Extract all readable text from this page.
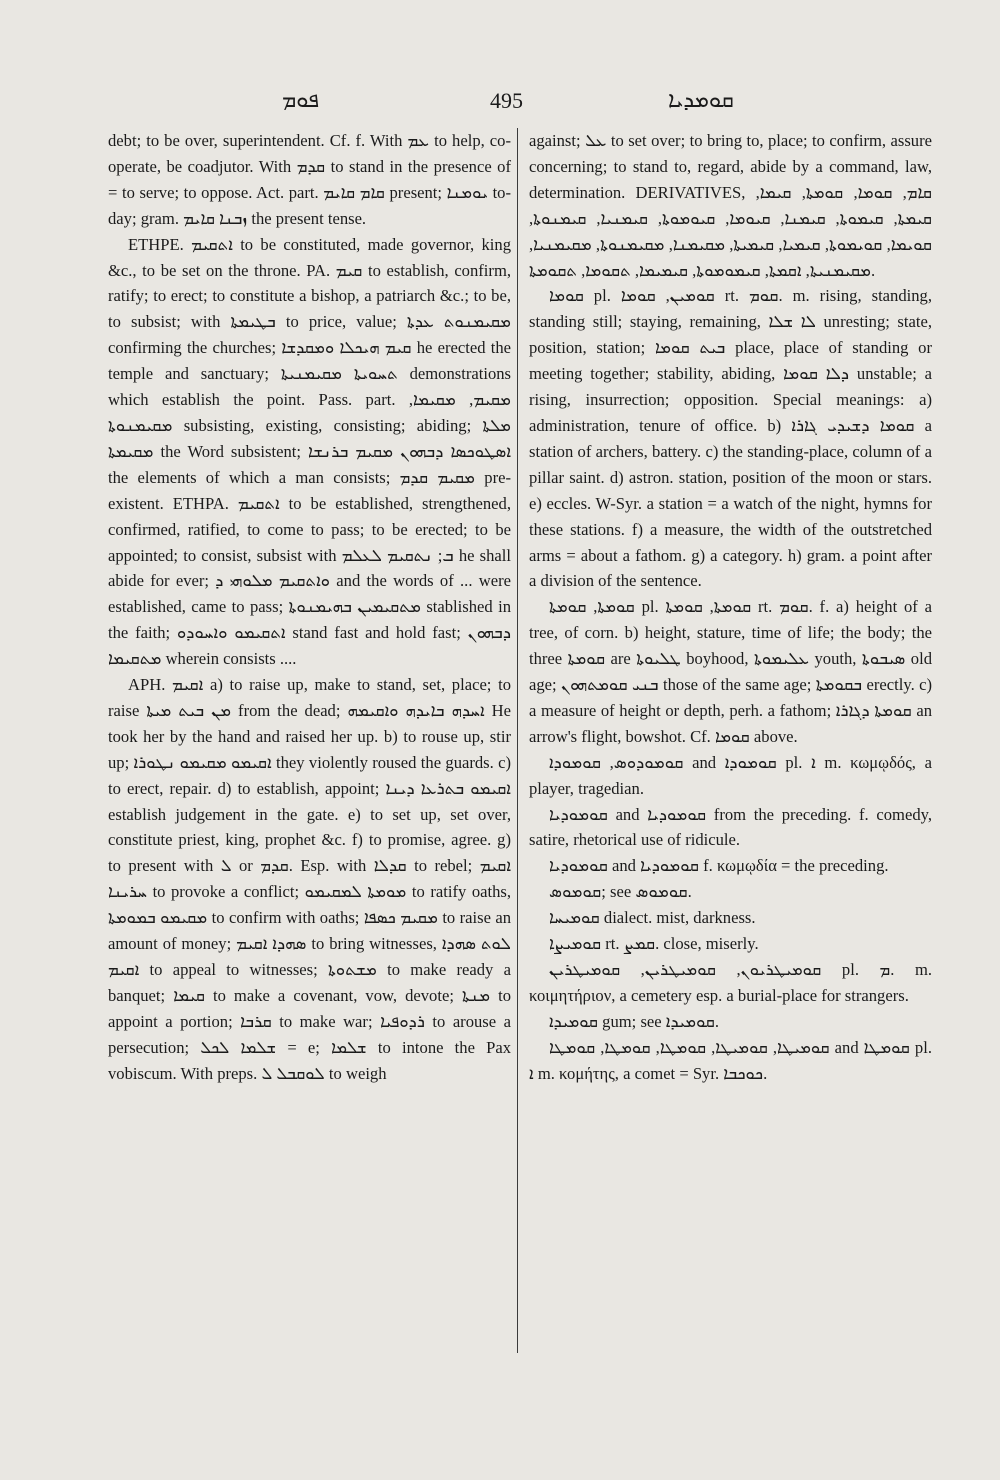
ܦܘܡ	495	ܩܘܡܕܝܐ

debt; to be over, superintendent. Cf. f. With ܥܡ to help, co-operate, be coadjutor. With ܩܕܡ to stand in the presence of = to serve; to oppose. Act. part. ܩܐܡ ܩܐܝܡ present; ܝܘܡܢܐ to-day; gram. ܙܒܢܐ ܩܐܝܡ the present tense.

ETHPE. ܐܬܩܝܡ to be constituted, made governor, king &c., to be set on the throne. PA. ܩܝܡ to establish, confirm, ratify; to erect; to constitute a bishop, a patriarch &c.; to be, to subsist; with ܒܛܝܡܬܐ to price, value; ܡܩܝܡܢܘܬ ܥܕܬܐ confirming the churches; ܩܝܡ ܗܝܟܠܐ ܘܡܩܕܫܐ he erected the temple and sanctuary; ܬܚܘܝܬܐ ܡܩܝܡܢܝܬܐ demonstrations which establish the point. Pass. part. ܡܩܝܡ, ܡܩܝܡܐ, ܡܩܝܡܢܘܬܐ subsisting, existing, consisting; abiding; ܡܠܬܐ ܡܩܝܡܬܐ the Word subsistent; ܐܣܛܘܟܣܐ ܕܒܗܘܢ ܡܩܝܡ ܒܪܢܫܐ the elements of which a man consists; ܡܩܝܡ ܩܕܡ pre-existent. ETHPA. ܐܬܩܝܡ to be established, strengthened, confirmed, ratified, to come to pass; to be erected; to be appointed; to consist, subsist with ܒ; ܢܬܩܝܡ ܠܥܠܡ he shall abide for ever; ܘܐܬܩܝܡ ܡܠܘܗܝ ܕ and the words of ... were established, came to pass; ܡܬܩܝܡܝܢ ܒܗܝܡܢܘܬܐ stablished in the faith; ܐܬܩܝܡܘ ܘܐܚܘܕܘ stand fast and hold fast; ܕܒܗܘܢ ܡܬܩܝܡܐ wherein consists ....

APH. ܐܩܝܡ a) to raise up, make to stand, set, place; to raise ܡܢ ܒܝܬ ܡܝܬܐ from the dead; ܐܚܕܗ ܒܐܝܕܗ ܘܐܩܝܡܗ He took her by the hand and raised her up. b) to rouse up, stir up; ܐܩܝܡܘ ܡܩܝܡܘ ܢܛܘܪܐ they violently roused the guards. c) to erect, repair. d) to establish, appoint; ܐܩܝܡܘ ܒܬܪܥܐ ܕܝܢܐ establish judgement in the gate. e) to set up, set over, constitute priest, king, prophet &c. f) to promise, agree. g) to present with ܠ or ܩܕܡ. Esp. with ܩܕܠܐ to rebel; ܐܩܝܡ ܚܪܝܢܐ to provoke a conflict; ܡܘܡܬܐ ܠܡܩܝܡܘ to ratify oaths, ܡܩܝܡܘ ܒܡܘܡܬܐ to confirm with oaths; ܡܩܝܡ ܟܣܦܐ to raise an amount of money; ܣܗܕܐ ܐܩܝܡ to bring witnesses, ܠܘܬ ܣܗܕܐ ܐܩܝܡ to appeal to witnesses; ܡܫܬܘܬܐ to make ready a banquet; ܩܝܡܐ to make a covenant, vow, devote; ܡܢܬܐ to appoint a portion; ܩܪܒܐ to make war; ܪܕܘܦܝܐ to arouse a persecution; ܫܠܡܐ ܠܟܠ = e; ܫܠܡܐ to intone the Pax vobiscum. With preps. ܠܘܩܒܠ ܠ to weigh

against; ܥܠ to set over; to bring to, place; to confirm, assure concerning; to stand to, regard, abide by a command, law, determination. DERIVATIVES, ܩܐܡ, ܩܘܡܐ, ܩܘܡܬܐ, ܩܝܡܐ, ܩܝܡܬܐ, ܩܝܡܘܬܐ, ܩܝܡܢܐ, ܩܝܘܡܐ, ܩܝܘܡܘܬܐ, ܩܝܡܢܝܐ, ܩܝܡܢܘܬܐ, ܩܘܝܡܐ, ܩܘܝܡܘܬܐ, ܩܝܡܝܐ, ܩܝܡܝܬܐ, ܡܩܝܡܢܐ, ܡܩܝܡܢܘܬܐ, ܡܩܝܡܢܝܐ, ܡܩܝܡܢܝܬܐ, ܐܩܡܬܐ, ܩܝܡܘܡܘܬܐ, ܩܝܡܝܡܐ, ܬܩܘܡܐ, ܬܩܘܡܬܐ.

ܩܘܡܐ pl. ܩܘܡܝܢ, ܩܘܡܐ rt. ܩܘܡ. m. rising, standing, standing still; staying, remaining, ܠܐ ܫܠܐ unresting; state, position, station; ܒܝܬ ܩܘܡܐ place, place of standing or meeting together; stability, abiding, ܕܠܐ ܩܘܡܐ unstable; a rising, insurrection; opposition. Special meanings: a) administration, tenure of office. b) ܩܘܡܐ ܕܫܝܕܝ ܓܐܪܐ a station of archers, battery. c) the standing-place, column of a pillar saint. d) astron. station, position of the moon or stars. e) eccles. W-Syr. a station = a watch of the night, hymns for these stations. f) a measure, the width of the outstretched arms = about a fathom. g) a category. h) gram. a point after a division of the sentence.

ܩܘܡܬܐ, ܩܘܡܬܐ pl. ܩܘܡܬܐ, ܩܘܡܬܐ rt. ܩܘܡ. f. a) height of a tree, of corn. b) height, stature, time of life; the body; the three ܩܘܡܬܐ are ܛܠܝܘܬܐ boyhood, ܥܠܝܡܘܬܐ youth, ܣܝܒܘܬܐ old age; ܒܢܝ ܩܘܡܬܗܘܢ those of the same age; ܒܩܘܡܬܐ erectly. c) a measure of height or depth, perh. a fathom; ܩܘܡܬܐ ܕܓܐܪܐ an arrow's flight, bowshot. Cf. ܩܘܡܐ above.

ܩܘܡܘܕܘܣ, ܩܘܡܘܕܐ and ܩܘܡܘܕܐ pl. ܐ m. κωμῳδός, a player, tragedian.

ܩܘܡܘܕܝܐ and ܩܘܡܘܕܝܐ from the preceding. f. comedy, satire, rhetorical use of ridicule.

ܩܘܡܘܕܝܐ and ܩܘܡܘܕܝܐ f. κωμῳδία = the preceding.

ܩܘܡܘܣ; see ܩܘܡܘܣ.

ܩܘܡܝܚܐ dialect. mist, darkness.

ܩܘܡܝܨܐ rt. ܩܡܨ. close, miserly.

ܩܘܡܝܛܪܝܘܢ, ܩܘܡܝܛܪܝܢ, ܩܘܡܝܛܪܝܢ pl. ܡ. m. κοιμητήριον, a cemetery esp. a burial-place for strangers.

ܩܘܡܝܕܐ gum; see ܩܘܡܝܕܐ.

ܩܘܡܝܛܐ, ܩܘܡܝܛܐ, ܩܘܡܛܐ, ܩܘܡܛܐ, ܩܘܡܛܐ and ܩܘܡܛܐ pl. ܐ m. κομήτης, a comet = Syr. ܟܘܟܒܐ.
